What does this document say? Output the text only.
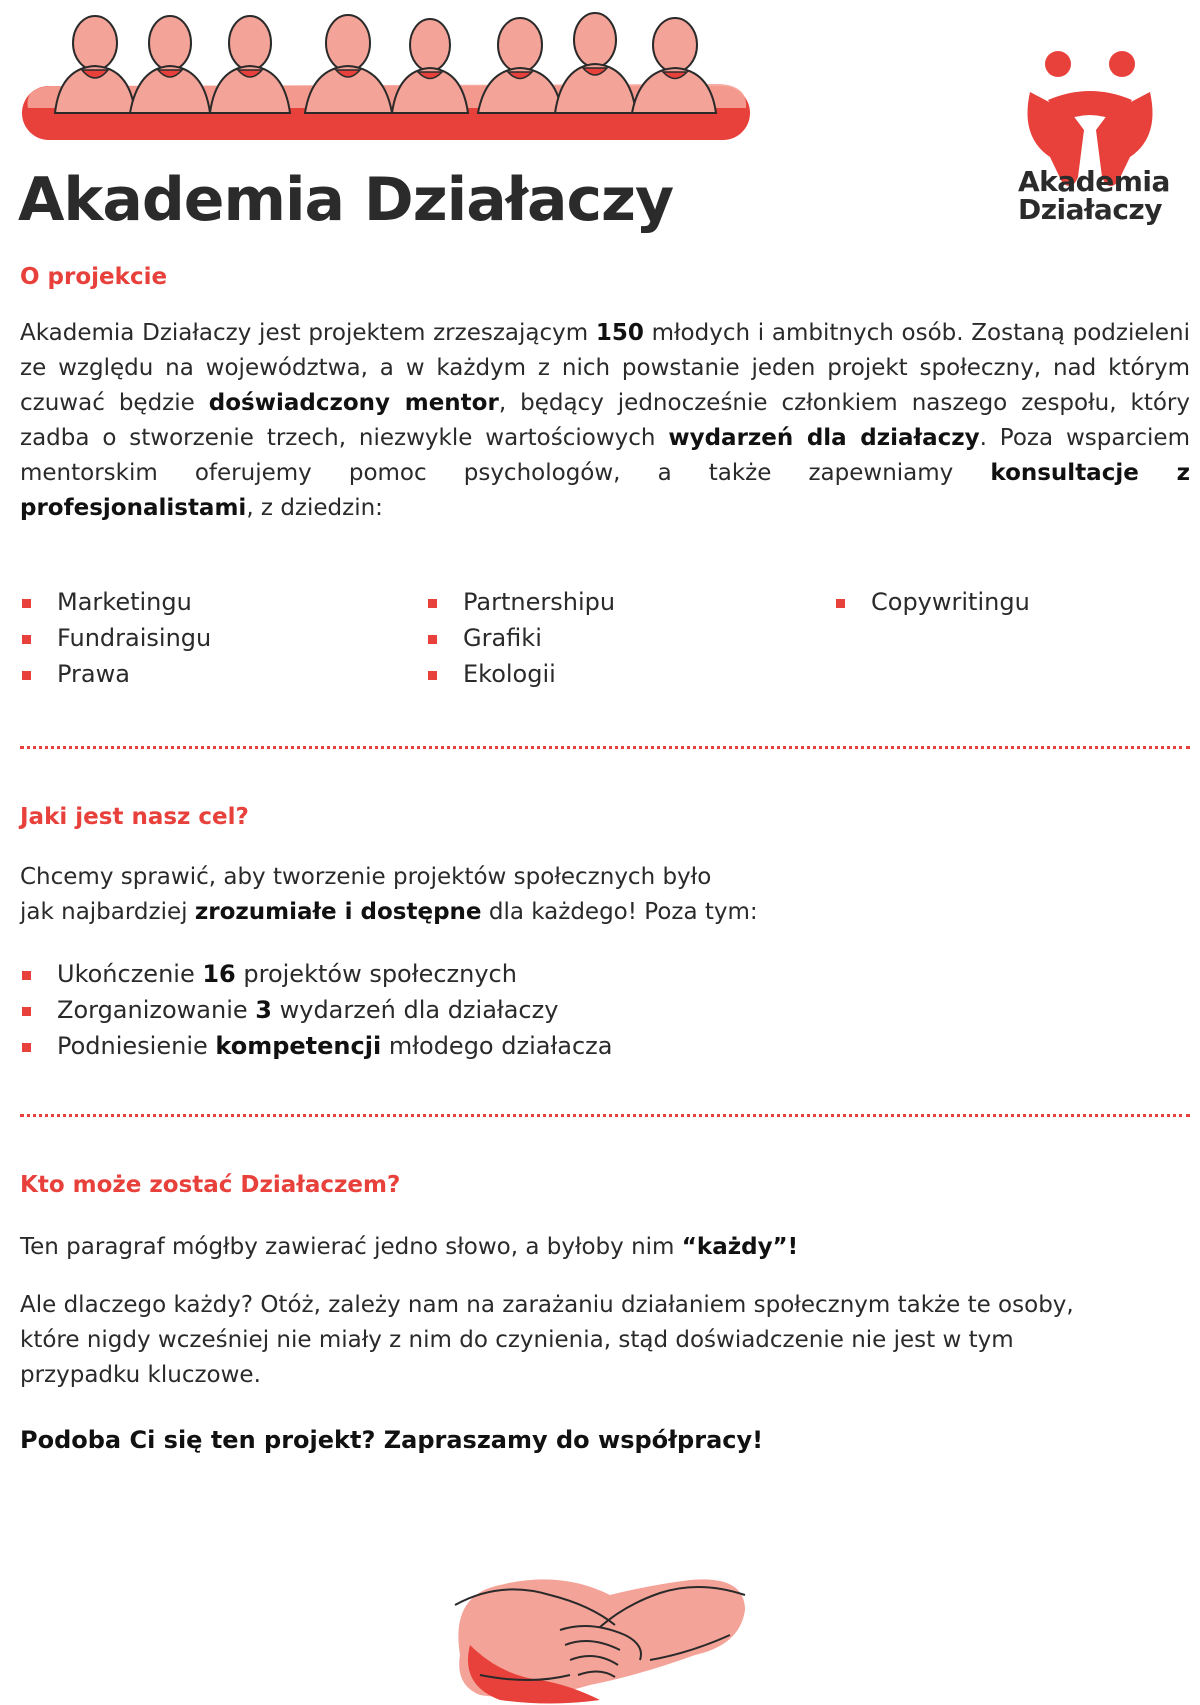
Akademia
Działaczy
Akademia Działaczy
O projekcie

Akademia Działaczy jest projektem zrzeszającym 150 młodych i ambitnych osób. Zostaną podzieleni ze względu na województwa, a w każdym z nich powstanie jeden projekt społeczny, nad którym czuwać będzie doświadczony mentor, będący jednocześnie członkiem naszego zespołu, który zadba o stworzenie trzech, niezwykle wartościowych wydarzeń dla działaczy. Poza wsparciem mentorskim oferujemy pomoc psychologów, a także zapewniamy konsultacje z profesjonalistami, z dziedzin:

Marketingu
Fundraisingu
Prawa
Partnershipu
Grafiki
Ekologii
Copywritingu
Jaki jest nasz cel?

Chcemy sprawić, aby tworzenie projektów społecznych było
jak najbardziej zrozumiałe i dostępne dla każdego! Poza tym:

Ukończenie 16 projektów społecznych
Zorganizowanie 3 wydarzeń dla działaczy
Podniesienie kompetencji młodego działacza
Kto może zostać Działaczem?

Ten paragraf mógłby zawierać jedno słowo, a byłoby nim “każdy”!

Ale dlaczego każdy? Otóż, zależy nam na zarażaniu działaniem społecznym także te osoby, które nigdy wcześniej nie miały z nim do czynienia, stąd doświadczenie nie jest w tym przypadku kluczowe.

Podoba Ci się ten projekt? Zapraszamy do współpracy!
